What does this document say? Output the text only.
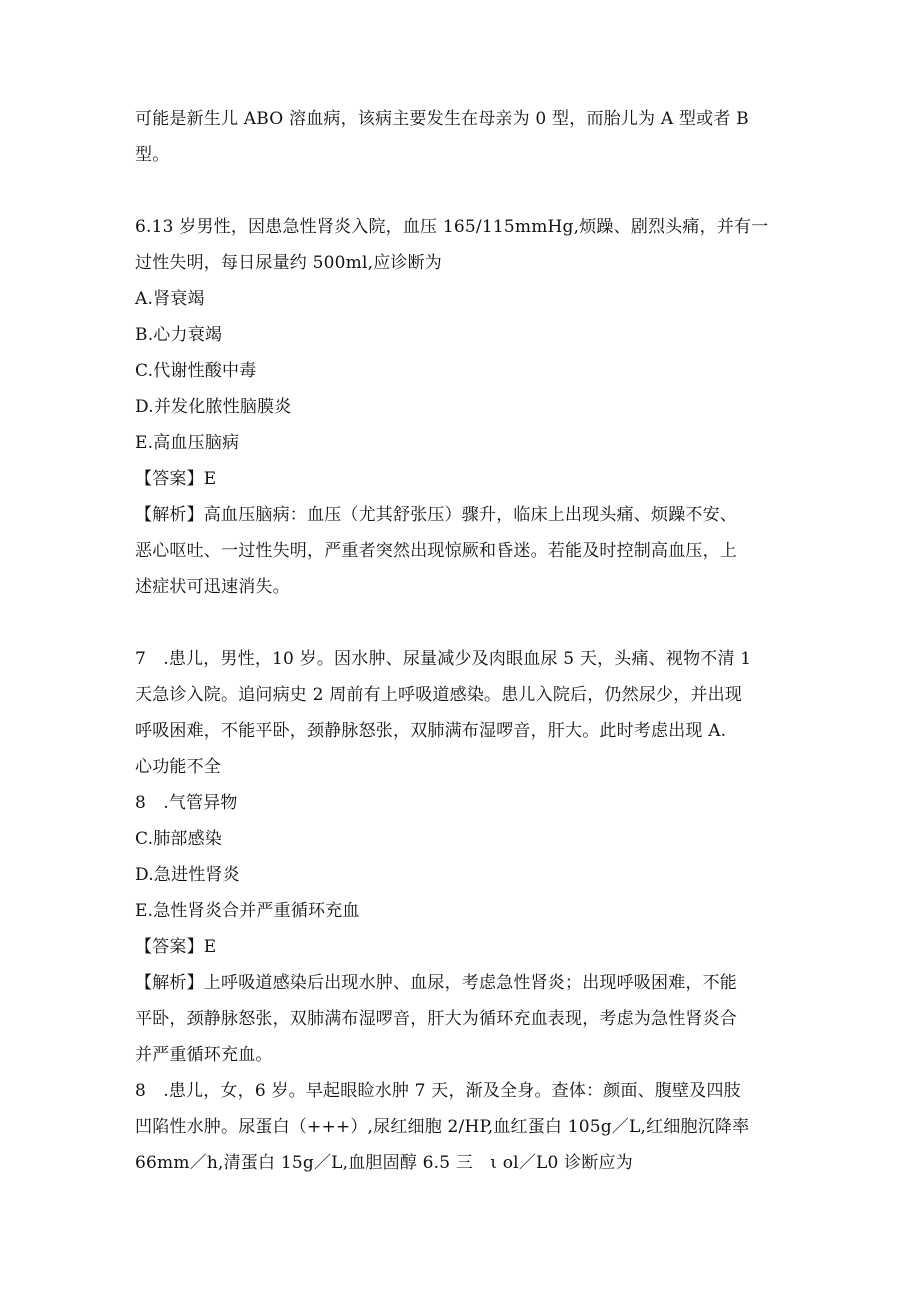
可能是新生儿 ABO 溶血病，该病主要发生在母亲为 0 型，而胎儿为 A 型或者 B
型。
6.13 岁男性，因患急性肾炎入院，血压 165/115mmHg,烦躁、剧烈头痛，并有一
过性失明，每日尿量约 500ml,应诊断为
A.肾衰竭
B.心力衰竭
C.代谢性酸中毒
D.并发化脓性脑膜炎
E.高血压脑病
【答案】E
【解析】高血压脑病：血压（尤其舒张压）骤升，临床上出现头痛、烦躁不安、
恶心呕吐、一过性失明，严重者突然出现惊厥和昏迷。若能及时控制高血压，上
述症状可迅速消失。
7　.患儿，男性，10 岁。因水肿、尿量减少及肉眼血尿 5 天，头痛、视物不清 1
天急诊入院。追问病史 2 周前有上呼吸道感染。患儿入院后，仍然尿少，并出现
呼吸困难，不能平卧，颈静脉怒张，双肺满布湿啰音，肝大。此时考虑出现 A.
心功能不全
8　.气管异物
C.肺部感染
D.急进性肾炎
E.急性肾炎合并严重循环充血
【答案】E
【解析】上呼吸道感染后出现水肿、血尿，考虑急性肾炎；出现呼吸困难，不能
平卧，颈静脉怒张，双肺满布湿啰音，肝大为循环充血表现，考虑为急性肾炎合
并严重循环充血。
8　.患儿，女，6 岁。早起眼睑水肿 7 天，渐及全身。查体：颜面、腹壁及四肢
凹陷性水肿。尿蛋白（+++）,尿红细胞 2/HP,血红蛋白 105g／L,红细胞沉降率
66mm／h,清蛋白 15g／L,血胆固醇 6.5 三　ι ol／L0 诊断应为
